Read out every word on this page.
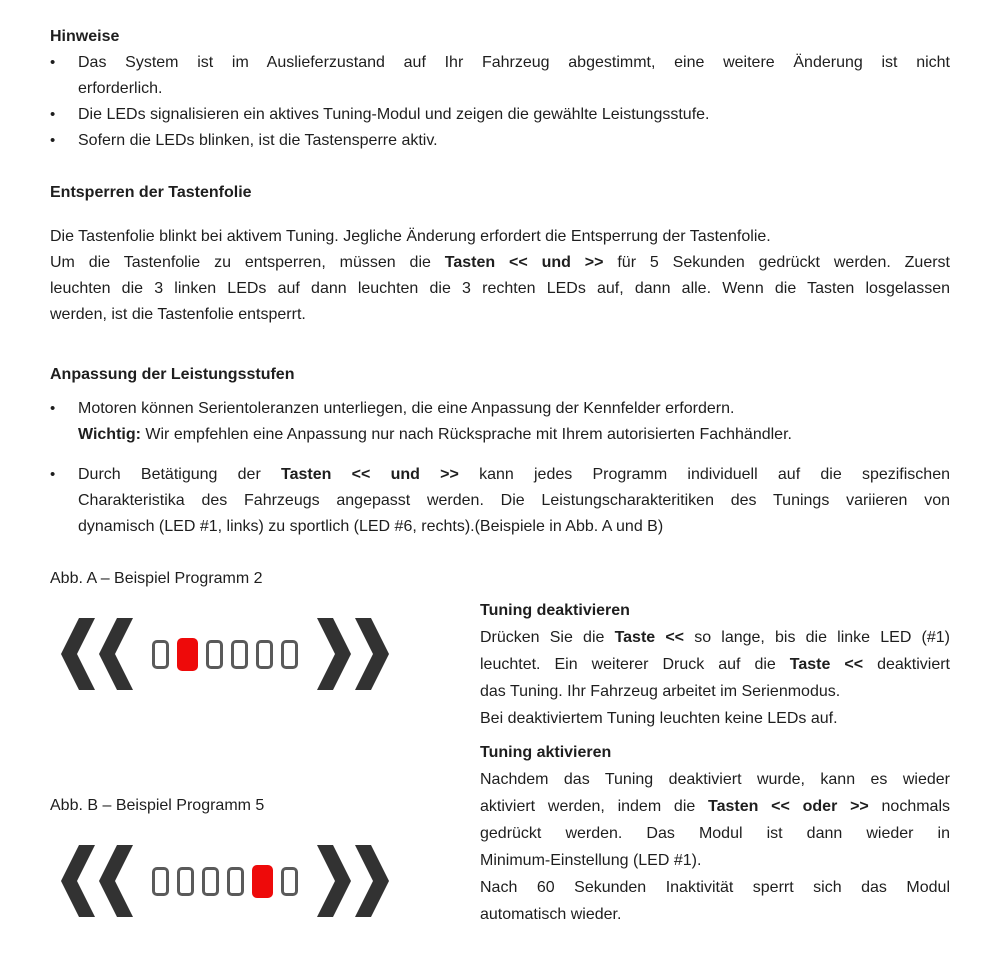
Hinweise
•	Das System ist im Auslieferzustand auf Ihr Fahrzeug abgestimmt, eine weitere Änderung ist nicht
erforderlich.
•	Die LEDs signalisieren ein aktives Tuning-Modul und zeigen die gewählte Leistungsstufe.
•	Sofern die LEDs blinken, ist die Tastensperre aktiv.
Entsperren der Tastenfolie
Die Tastenfolie blinkt bei aktivem Tuning. Jegliche Änderung erfordert die Entsperrung der Tastenfolie.
Um die Tastenfolie zu entsperren, müssen die Tasten << und >> für 5 Sekunden gedrückt werden. Zuerst
leuchten die 3 linken LEDs auf dann leuchten die 3 rechten LEDs auf, dann alle. Wenn die Tasten losgelassen
werden, ist die Tastenfolie entsperrt.
Anpassung der Leistungsstufen
•	Motoren können Serientoleranzen unterliegen, die eine Anpassung der Kennfelder erfordern.
Wichtig: Wir empfehlen eine Anpassung nur nach Rücksprache mit Ihrem autorisierten Fachhändler.
•	Durch Betätigung der Tasten << und >> kann jedes Programm individuell auf die spezifischen
Charakteristika des Fahrzeugs angepasst werden. Die Leistungscharakteritiken des Tunings variieren von
dynamisch (LED #1, links) zu sportlich (LED #6, rechts).(Beispiele in Abb. A und B)
Abb. A – Beispiel Programm 2
Abb. B – Beispiel Programm 5
Tuning deaktivieren

Drücken Sie die Taste << so lange, bis die linke LED (#1)
leuchtet. Ein weiterer Druck auf die Taste << deaktiviert
das Tuning. Ihr Fahrzeug arbeitet im Serienmodus.

Bei deaktiviertem Tuning leuchten keine LEDs auf.

Tuning aktivieren

Nachdem das Tuning deaktiviert wurde, kann es wieder
aktiviert werden, indem die Tasten << oder >> nochmals
gedrückt werden. Das Modul ist dann wieder in
Minimum-Einstellung (LED #1).

Nach 60 Sekunden Inaktivität sperrt sich das Modul
automatisch wieder.
